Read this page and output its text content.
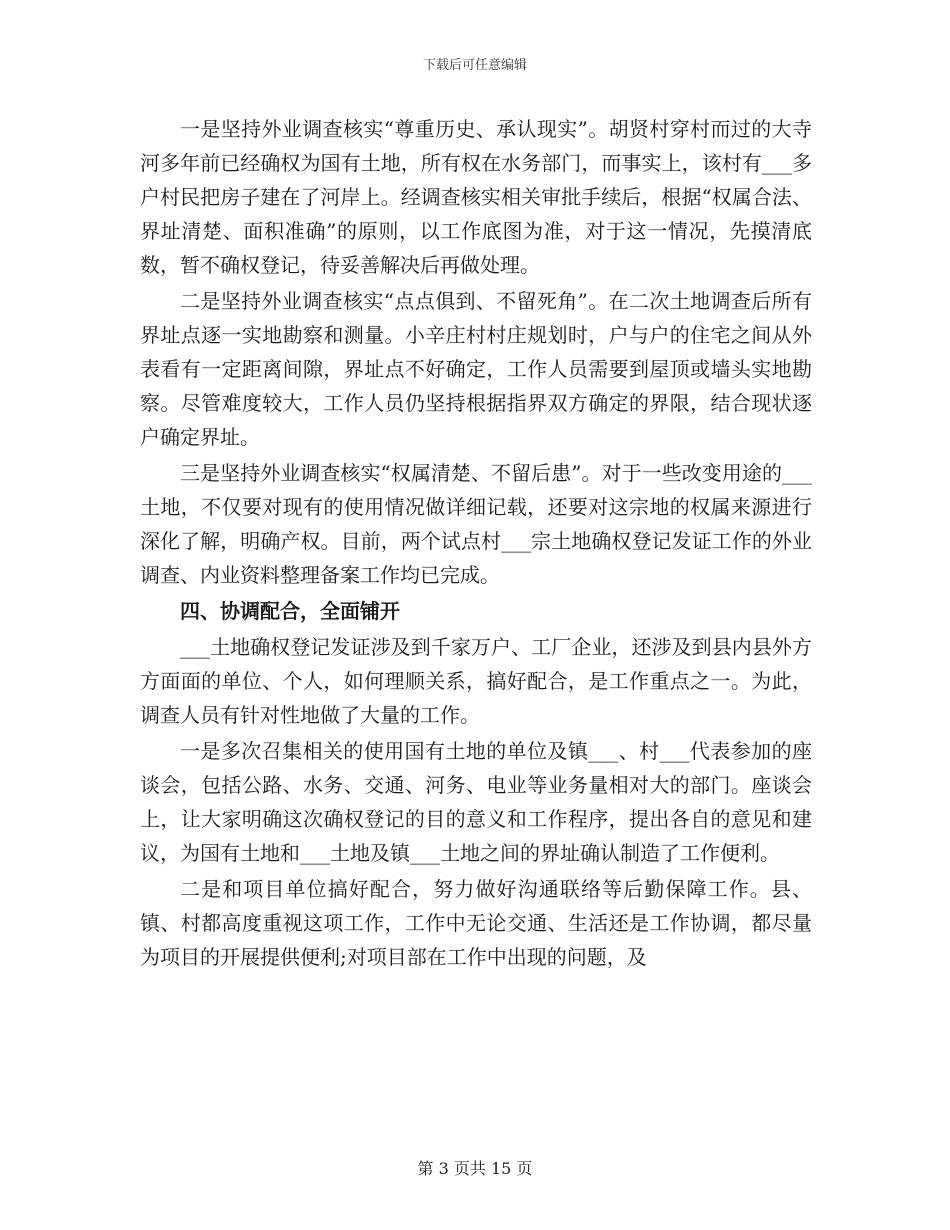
下载后可任意编辑

一是坚持外业调查核实“尊重历史、承认现实”。胡贤村穿村而过的大寺河多年前已经确权为国有土地，所有权在水务部门，而事实上，该村有___多户村民把房子建在了河岸上。经调查核实相关审批手续后，根据“权属合法、界址清楚、面积准确”的原则，以工作底图为准，对于这一情况，先摸清底数，暂不确权登记，待妥善解决后再做处理。

二是坚持外业调查核实“点点俱到、不留死角”。在二次土地调查后所有界址点逐一实地勘察和测量。小辛庄村村庄规划时，户与户的住宅之间从外表看有一定距离间隙，界址点不好确定，工作人员需要到屋顶或墙头实地勘察。尽管难度较大，工作人员仍坚持根据指界双方确定的界限，结合现状逐户确定界址。

三是坚持外业调查核实“权属清楚、不留后患”。对于一些改变用途的___土地，不仅要对现有的使用情况做详细记载，还要对这宗地的权属来源进行深化了解，明确产权。目前，两个试点村___宗土地确权登记发证工作的外业调查、内业资料整理备案工作均已完成。

四、协调配合，全面铺开

___土地确权登记发证涉及到千家万户、工厂企业，还涉及到县内县外方方面面的单位、个人，如何理顺关系，搞好配合，是工作重点之一。为此，调查人员有针对性地做了大量的工作。

一是多次召集相关的使用国有土地的单位及镇___、村___代表参加的座谈会，包括公路、水务、交通、河务、电业等业务量相对大的部门。座谈会上，让大家明确这次确权登记的目的意义和工作程序，提出各自的意见和建议，为国有土地和___土地及镇___土地之间的界址确认制造了工作便利。

二是和项目单位搞好配合，努力做好沟通联络等后勤保障工作。县、镇、村都高度重视这项工作，工作中无论交通、生活还是工作协调，都尽量为项目的开展提供便利;对项目部在工作中出现的问题，及

第 3 页共 15 页
